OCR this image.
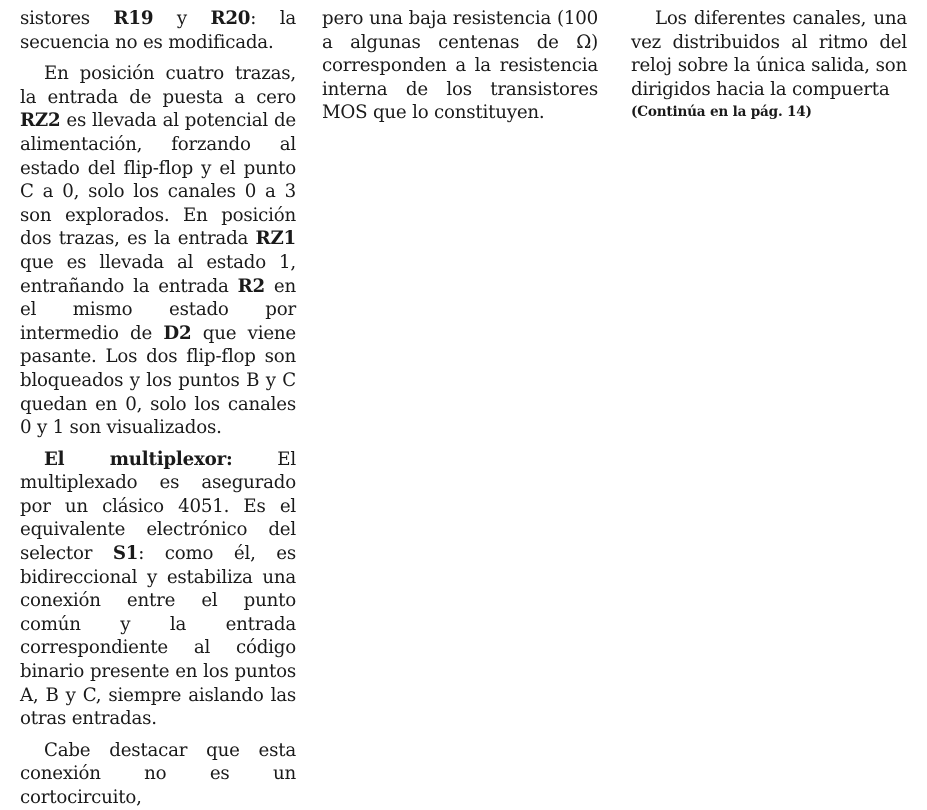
sistores R19 y R20: la secuencia no es modificada.

En posición cuatro trazas, la entrada de puesta a cero RZ2 es llevada al potencial de alimentación, forzando al estado del flip-flop y el punto C a 0, solo los canales 0 a 3 son explorados. En posición dos trazas, es la entrada RZ1 que es llevada al estado 1, entrañando la entrada R2 en el mismo estado por intermedio de D2 que viene pasante. Los dos flip-flop son bloqueados y los puntos B y C quedan en 0, solo los canales 0 y 1 son visualizados.

El multiplexor: El multiplexado es asegurado por un clásico 4051. Es el equivalente electrónico del selector S1: como él, es bidireccional y estabiliza una conexión entre el punto común y la entrada correspondiente al código binario presente en los puntos A, B y C, siempre aislando las otras entradas.

Cabe destacar que esta conexión no es un cortocircuito,

pero una baja resistencia (100 a algunas centenas de Ω) corresponden a la resistencia interna de los transistores MOS que lo constituyen.

Los diferentes canales, una vez distribuidos al ritmo del reloj sobre la única salida, son dirigidos hacia la compuerta

(Continúa en la pág. 14)
